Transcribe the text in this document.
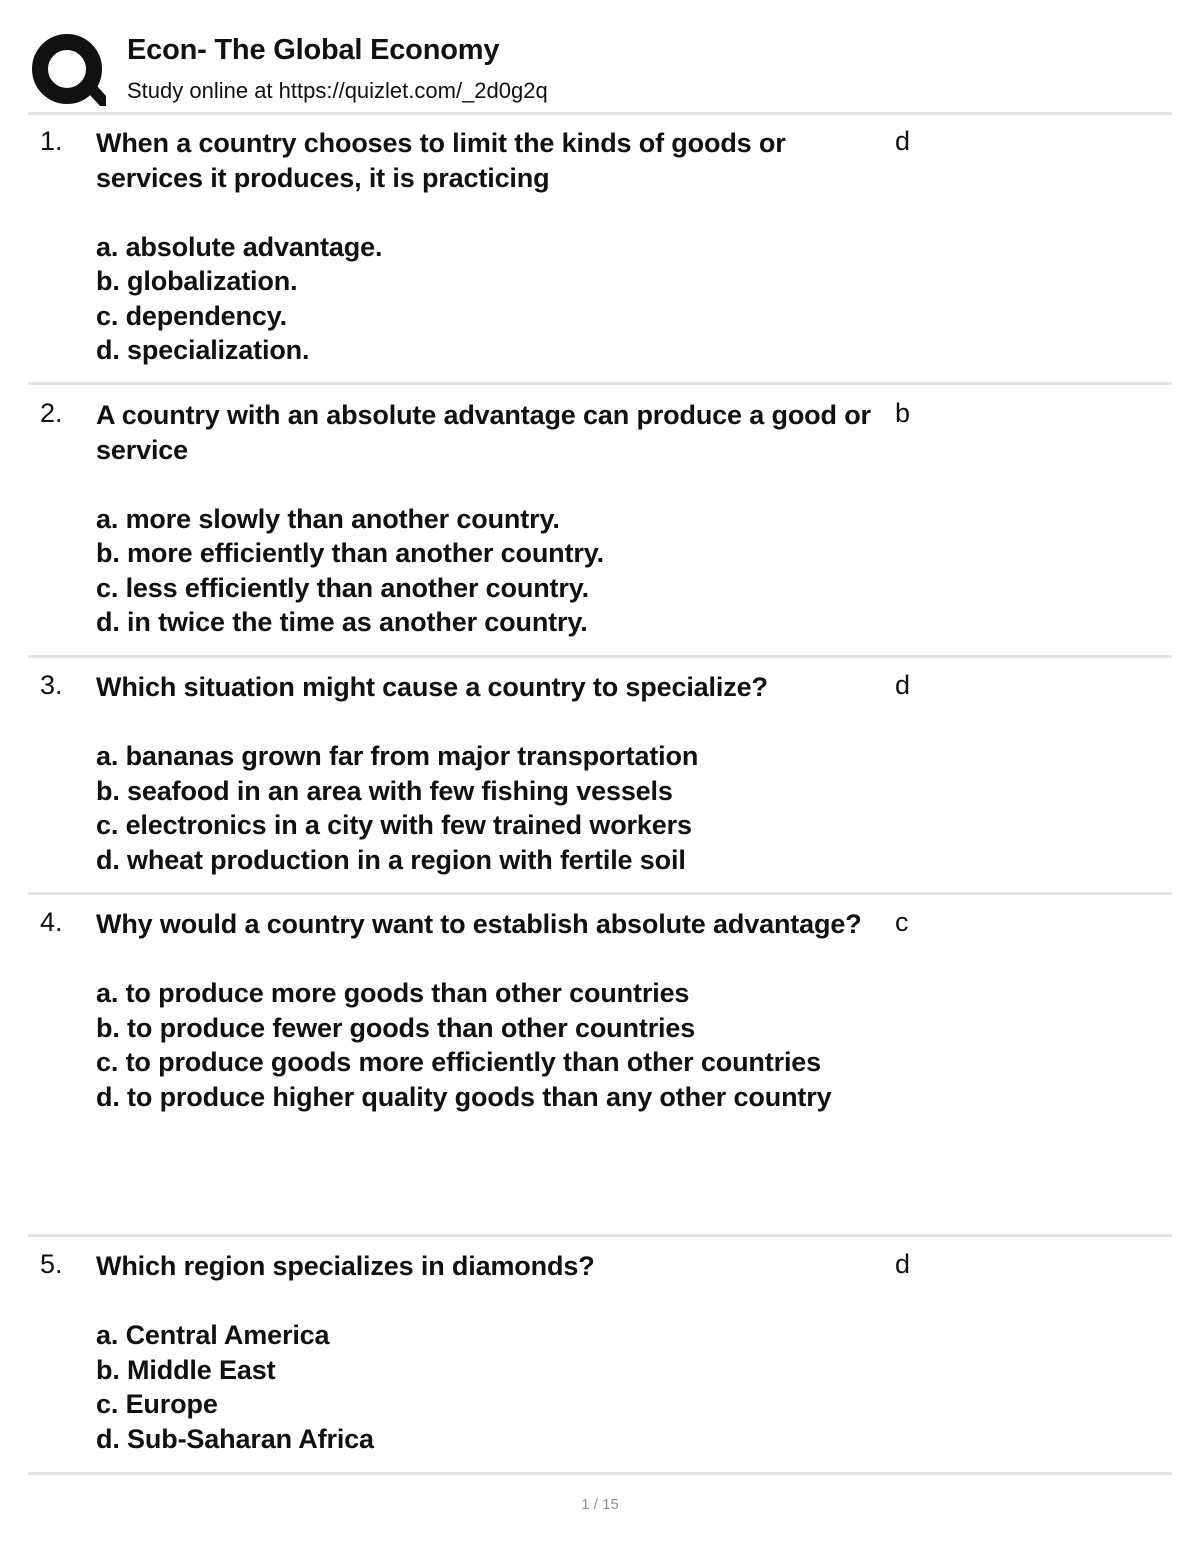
Econ- The Global Economy
Study online at https://quizlet.com/_2d0g2q
1. When a country chooses to limit the kinds of goods or services it produces, it is practicing
a. absolute advantage.
b. globalization.
c. dependency.
d. specialization.
d
2. A country with an absolute advantage can produce a good or service
a. more slowly than another country.
b. more efficiently than another country.
c. less efficiently than another country.
d. in twice the time as another country.
b
3. Which situation might cause a country to specialize?
a. bananas grown far from major transportation
b. seafood in an area with few fishing vessels
c. electronics in a city with few trained workers
d. wheat production in a region with fertile soil
d
4. Why would a country want to establish absolute advantage?
a. to produce more goods than other countries
b. to produce fewer goods than other countries
c. to produce goods more efficiently than other countries
d. to produce higher quality goods than any other country
c
5. Which region specializes in diamonds?
a. Central America
b. Middle East
c. Europe
d. Sub-Saharan Africa
d
1 / 15
